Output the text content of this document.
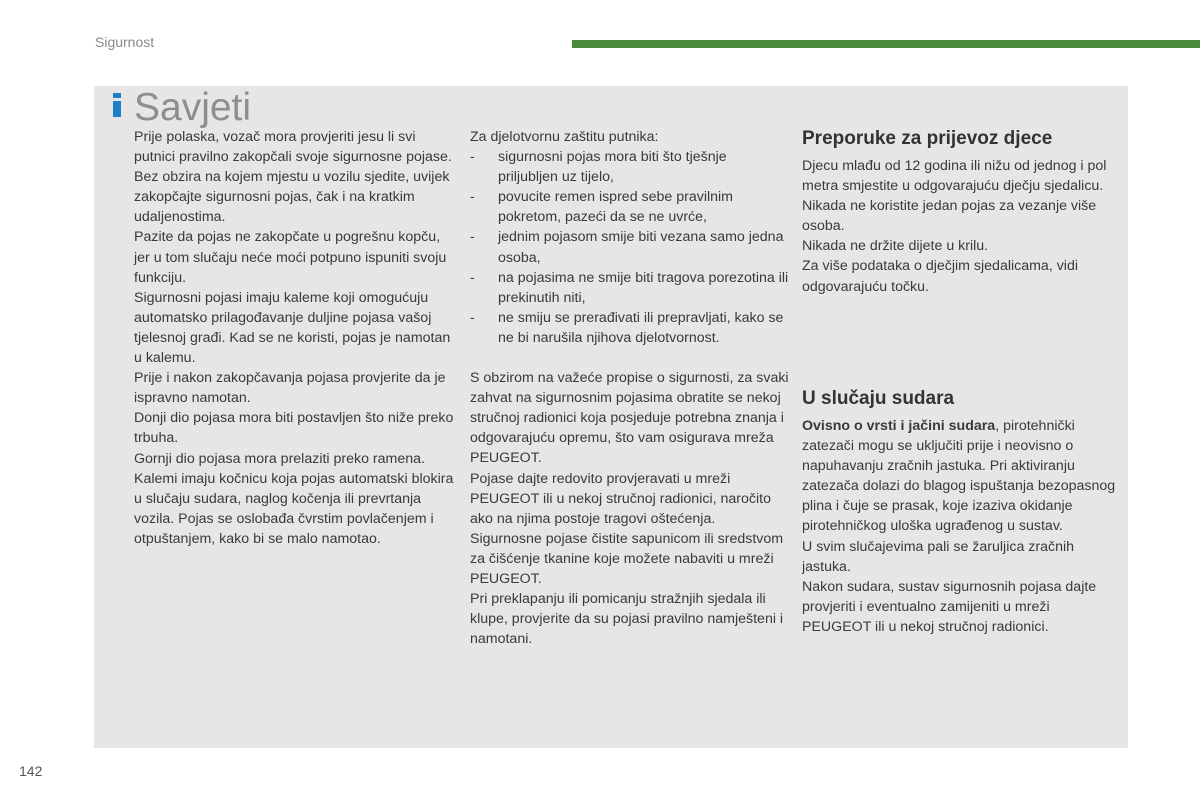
Sigurnost
Savjeti

Prije polaska, vozač mora provjeriti jesu li svi putnici pravilno zakopčali svoje sigurnosne pojase.

Bez obzira na kojem mjestu u vozilu sjedite, uvijek zakopčajte sigurnosni pojas, čak i na kratkim udaljenostima.

Pazite da pojas ne zakopčate u pogrešnu kopču, jer u tom slučaju neće moći potpuno ispuniti svoju funkciju.

Sigurnosni pojasi imaju kaleme koji omogućuju automatsko prilagođavanje duljine pojasa vašoj tjelesnoj građi. Kad se ne koristi, pojas je namotan u kalemu.

Prije i nakon zakopčavanja pojasa provjerite da je ispravno namotan.

Donji dio pojasa mora biti postavljen što niže preko trbuha.

Gornji dio pojasa mora prelaziti preko ramena.

Kalemi imaju kočnicu koja pojas automatski blokira u slučaju sudara, naglog kočenja ili prevrtanja vozila. Pojas se oslobađa čvrstim povlačenjem i otpuštanjem, kako bi se malo namotao.

Za djelotvornu zaštitu putnika:

- sigurnosni pojas mora biti što tješnje priljubljen uz tijelo,
- povucite remen ispred sebe pravilnim pokretom, pazeći da se ne uvrće,
- jednim pojasom smije biti vezana samo jedna osoba,
- na pojasima ne smije biti tragova porezotina ili prekinutih niti,
- ne smiju se prerađivati ili prepravljati, kako se ne bi narušila njihova djelotvornost.

S obzirom na važeće propise o sigurnosti, za svaki zahvat na sigurnosnim pojasima obratite se nekoj stručnoj radionici koja posjeduje potrebna znanja i odgovarajuću opremu, što vam osigurava mreža PEUGEOT.

Pojase dajte redovito provjeravati u mreži PEUGEOT ili u nekoj stručnoj radionici, naročito ako na njima postoje tragovi oštećenja.

Sigurnosne pojase čistite sapunicom ili sredstvom za čišćenje tkanine koje možete nabaviti u mreži PEUGEOT.

Pri preklapanju ili pomicanju stražnjih sjedala ili klupe, provjerite da su pojasi pravilno namješteni i namotani.

Preporuke za prijevoz djece

Djecu mlađu od 12 godina ili nižu od jednog i pol metra smjestite u odgovarajuću dječju sjedalicu.

Nikada ne koristite jedan pojas za vezanje više osoba.

Nikada ne držite dijete u krilu.

Za više podataka o dječjim sjedalicama, vidi odgovarajuću točku.

U slučaju sudara

Ovisno o vrsti i jačini sudara, pirotehnički zatezači mogu se uključiti prije i neovisno o napuhavanju zračnih jastuka. Pri aktiviranju zatezača dolazi do blagog ispuštanja bezopasnog plina i čuje se prasak, koje izaziva okidanje pirotehničkog uloška ugrađenog u sustav.

U svim slučajevima pali se žaruljica zračnih jastuka.

Nakon sudara, sustav sigurnosnih pojasa dajte provjeriti i eventualno zamijeniti u mreži PEUGEOT ili u nekoj stručnoj radionici.

142
